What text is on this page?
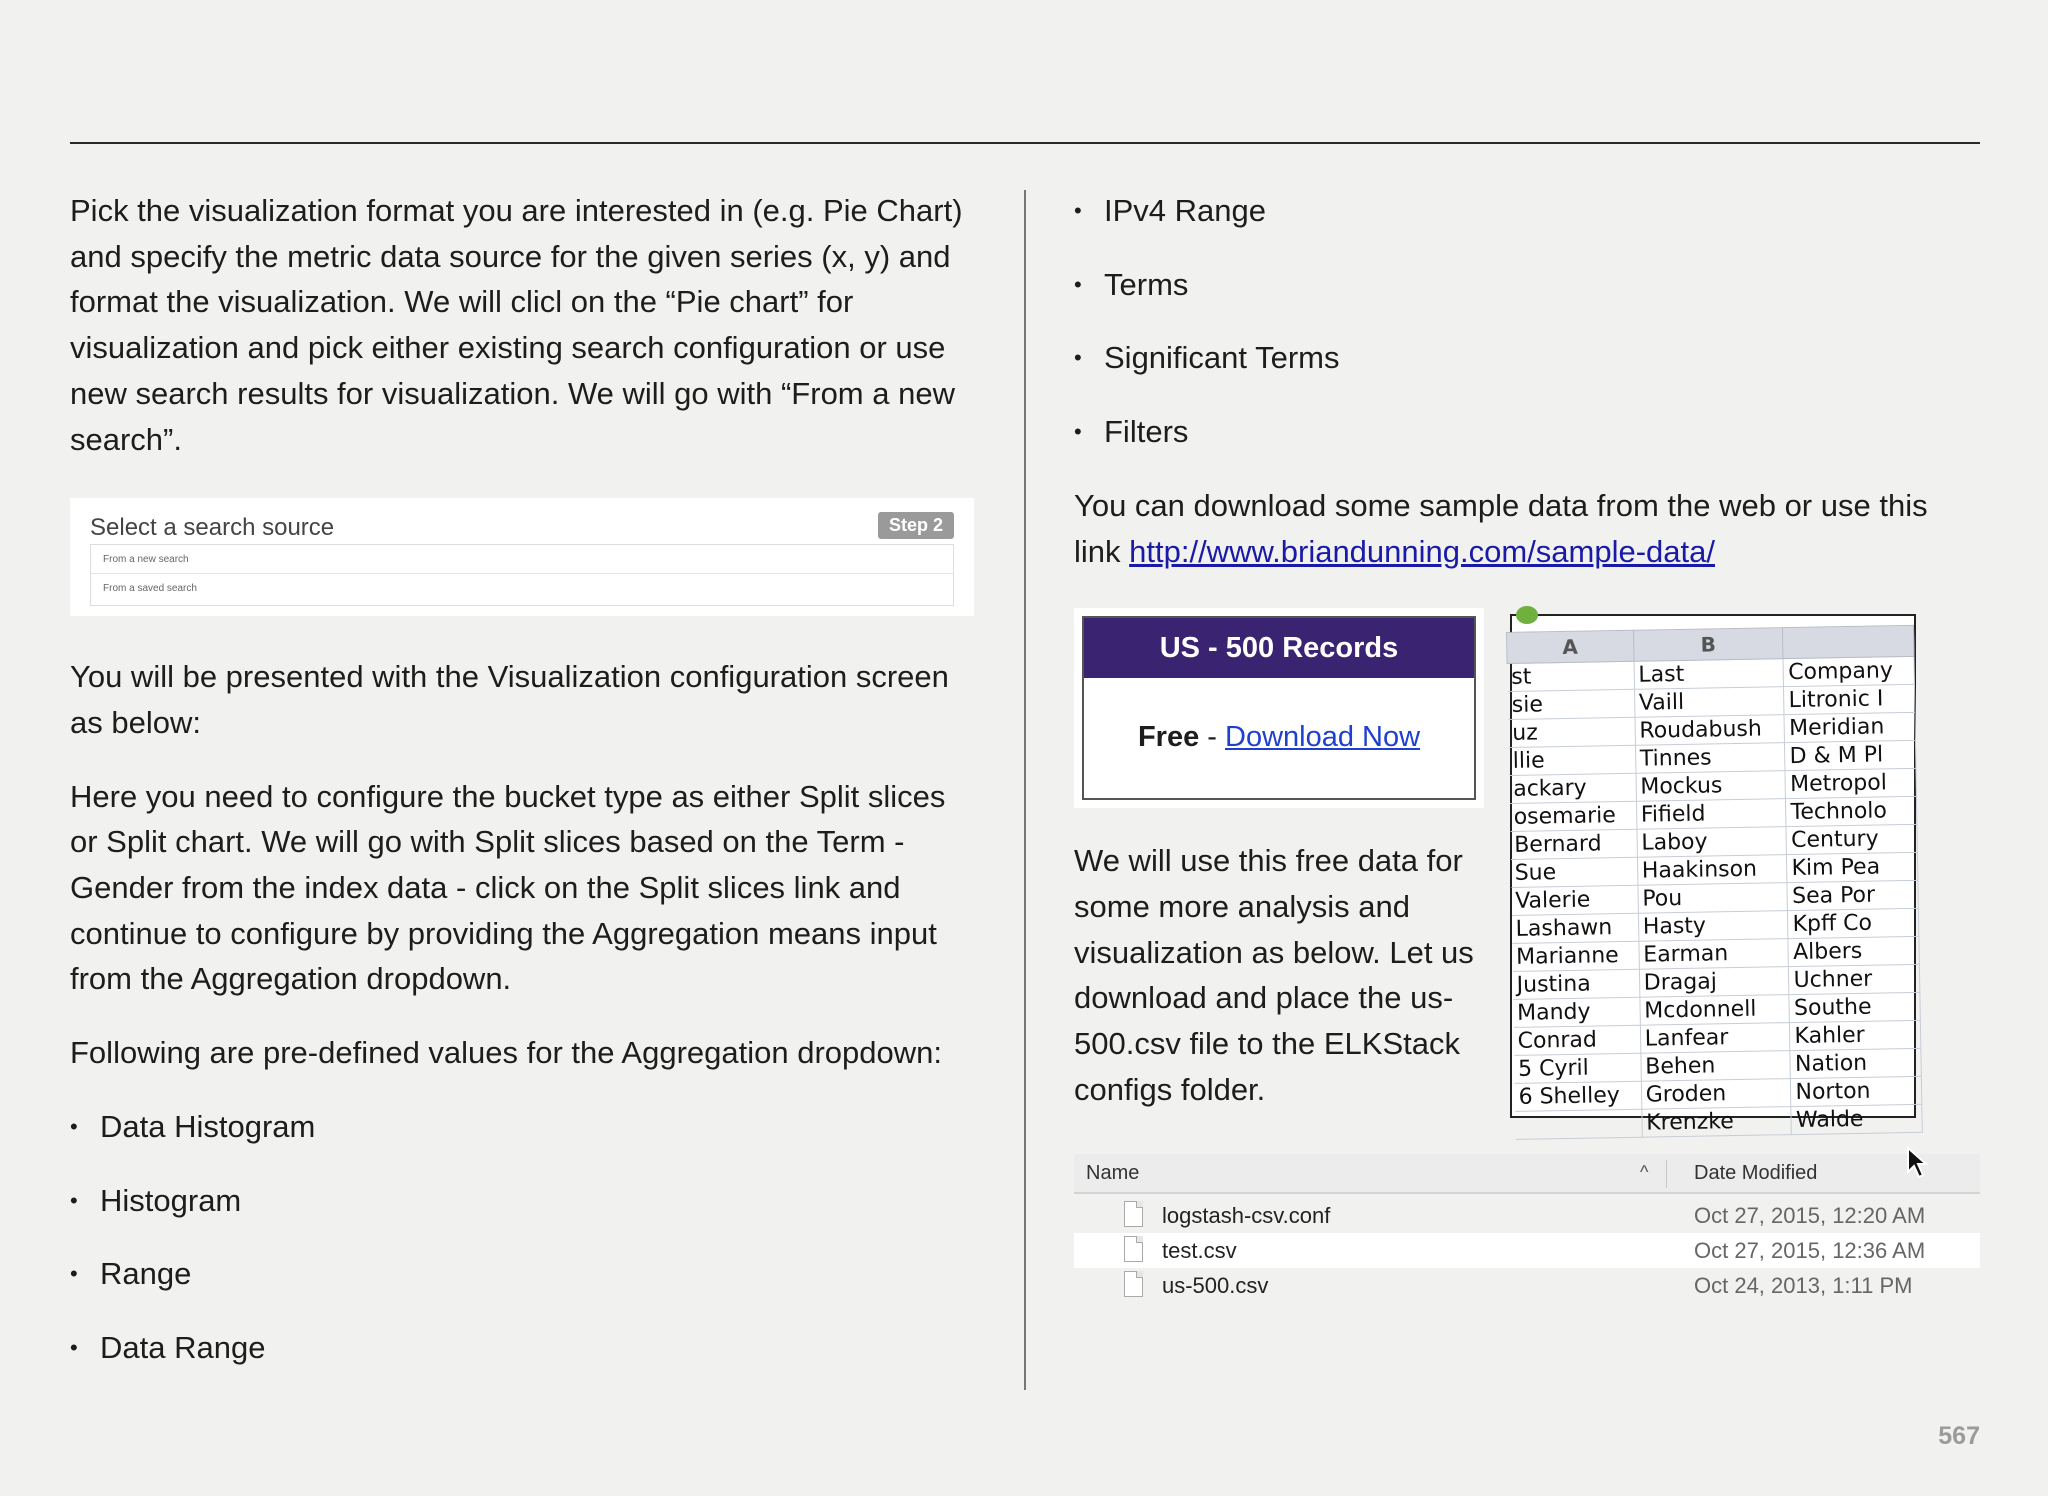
Pick the visualization format you are interested in (e.g. Pie Chart) and specify the metric data source for the given series (x, y) and format the visualization. We will clicl on the “Pie chart” for visualization and pick either existing search configuration or use new search results for visualization. We will go with “From a new search”.

Select a search source	Step 2
From a new search
From a saved search

You will be presented with the Visualization configuration screen as below:

Here you need to configure the bucket type as either Split slices or Split chart. We will go with Split slices based on the Term - Gender from the index data - click on the Split slices link and continue to configure by providing the Aggregation means input from the Aggregation dropdown.

Following are pre-defined values for the Aggregation dropdown:

• Data Histogram
• Histogram
• Range
• Data Range
• IPv4 Range
• Terms
• Significant Terms
• Filters

You can download some sample data from the web or use this link http://www.briandunning.com/sample-data/

US - 500 Records
Free - Download Now

We will use this free data for some more analysis and visualization as below. Let us download and place the us-500.csv file to the ELKStack configs folder.

A	B	
st	Last	Company
sie	Vaill	Litronic I
uz	Roudabush	Meridian
llie	Tinnes	D & M Pl
ackary	Mockus	Metropol
osemarie	Fifield	Technolo
Bernard	Laboy	Century
Sue	Haakinson	Kim Pea
Valerie	Pou	Sea Por
Lashawn	Hasty	Kpff Co
Marianne	Earman	Albers
Justina	Dragaj	Uchner
Mandy	Mcdonnell	Southe
Conrad	Lanfear	Kahler
5 Cyril	Behen	Nation
6 Shelley	Groden	Norton
	Krenzke	Walde
Name	^ Date Modified
logstash-csv.conf	Oct 27, 2015, 12:20 AM
test.csv	Oct 27, 2015, 12:36 AM
us-500.csv	Oct 24, 2013, 1:11 PM
567
